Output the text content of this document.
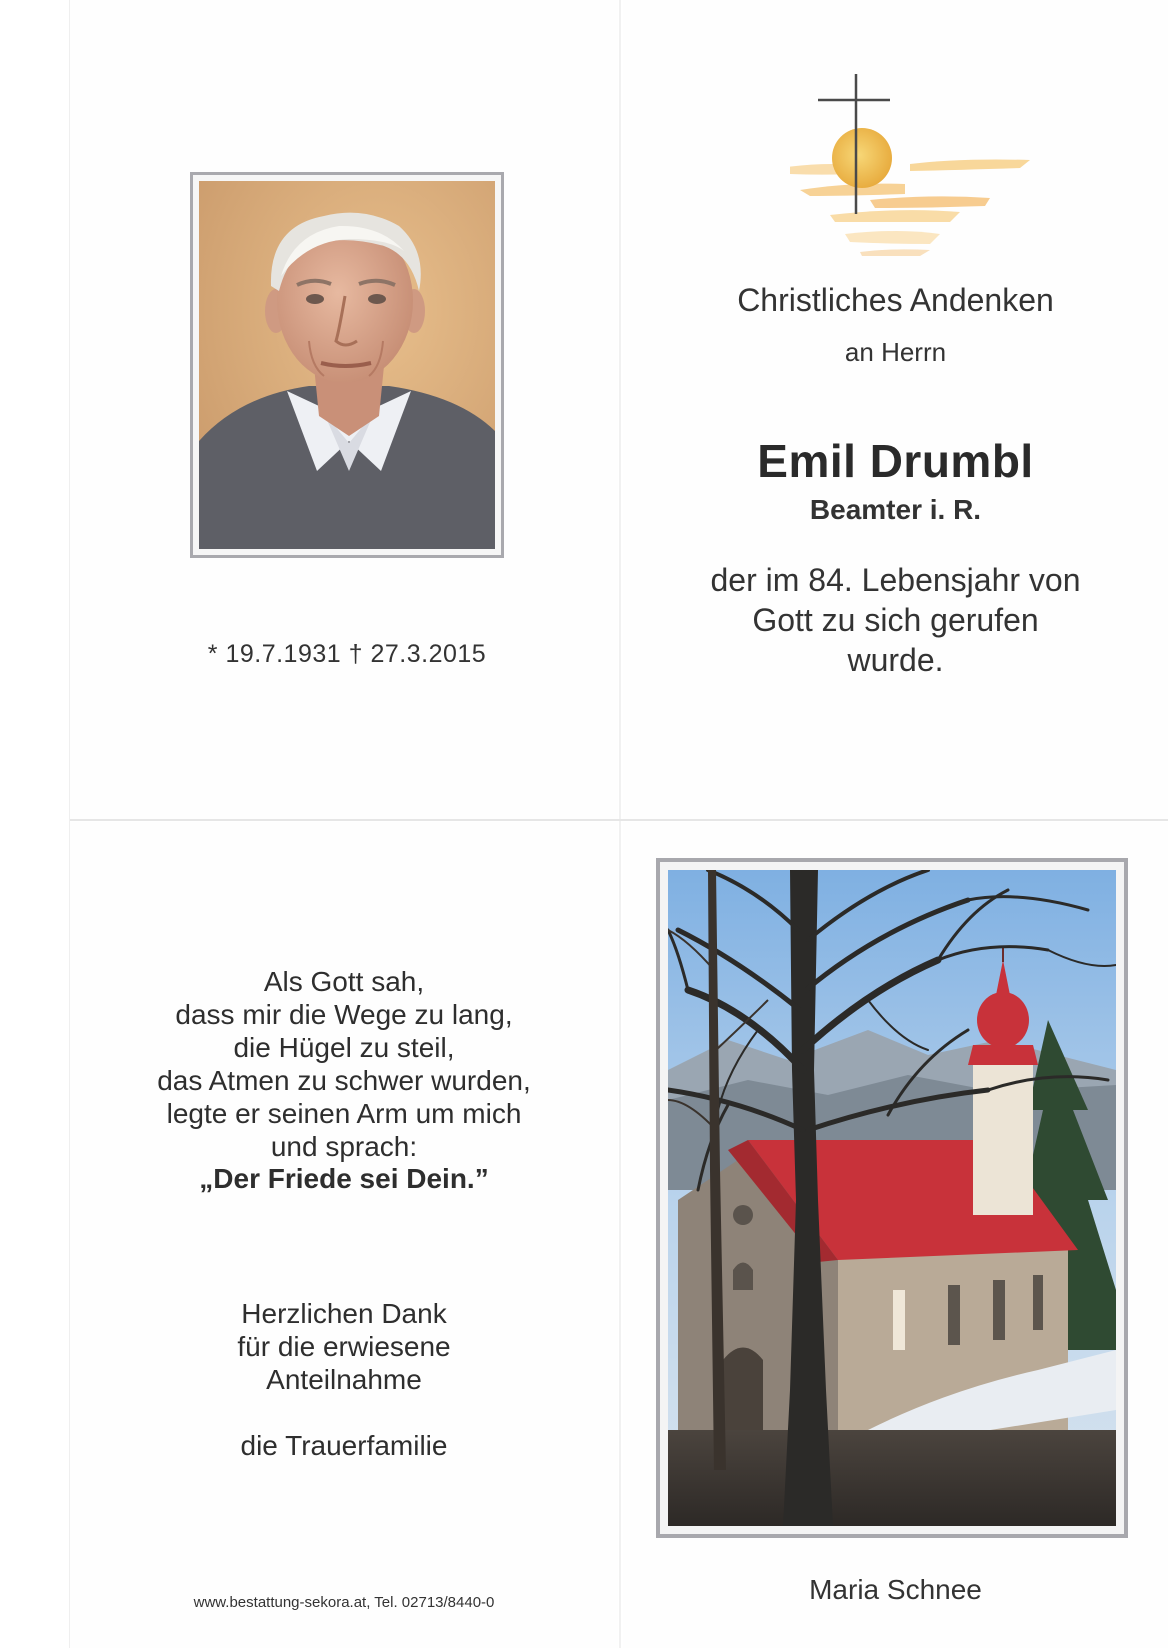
* 19.7.1931 † 27.3.2015
Christliches Andenken
an Herrn
Emil Drumbl
Beamter i. R.
der im 84. Lebensjahr von
Gott zu sich gerufen
wurde.
Als Gott sah,
dass mir die Wege zu lang,
die Hügel zu steil,
das Atmen zu schwer wurden,
legte er seinen Arm um mich
und sprach:
„Der Friede sei Dein.”
Herzlichen Dank
für die erwiesene
Anteilnahme
die Trauerfamilie
www.bestattung-sekora.at, Tel. 02713/8440-0	Maria Schnee
